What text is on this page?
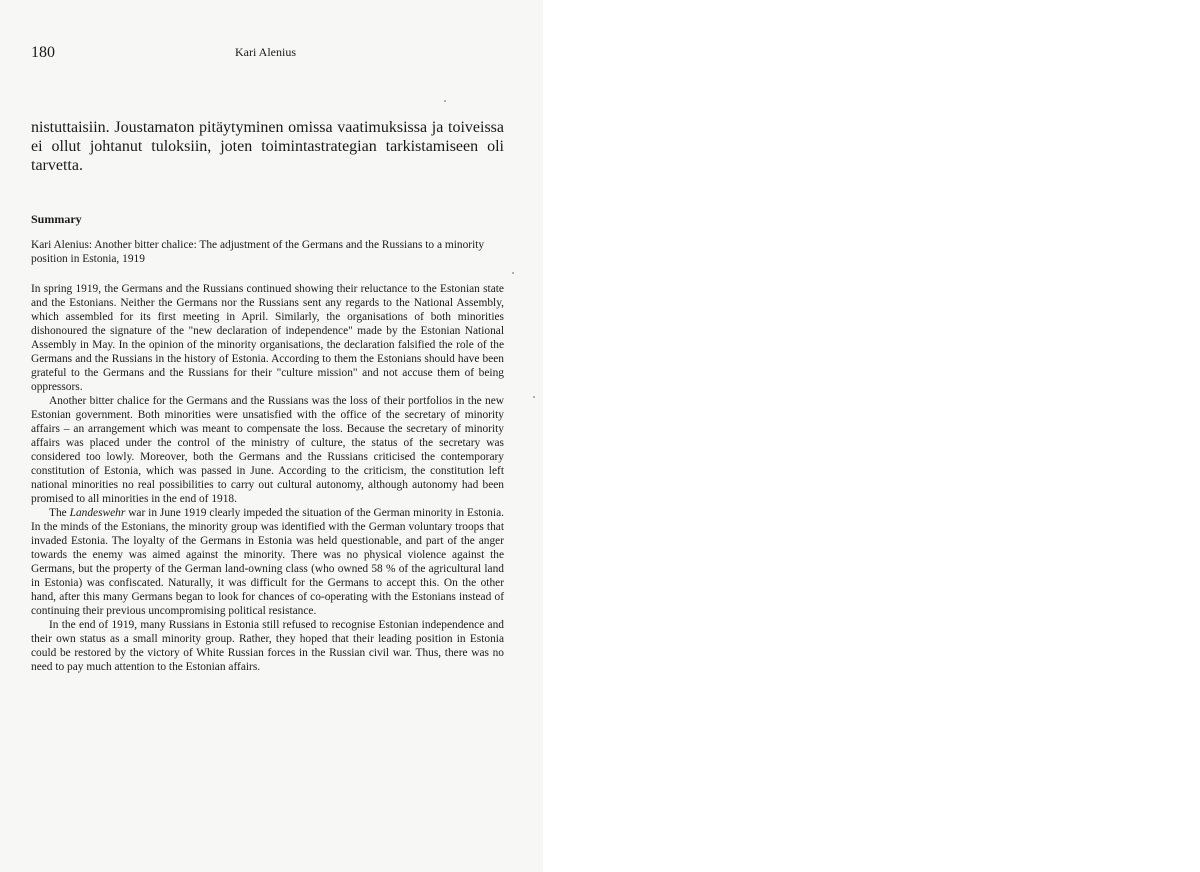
180	Kari Alenius

nistuttaisiin. Joustamaton pitäytyminen omissa vaatimuksissa ja toiveissa ei ollut johtanut tuloksiin, joten toimintastrategian tarkistamiseen oli tarvetta.

Summary

Kari Alenius: Another bitter chalice: The adjustment of the Germans and the Russians to a minority position in Estonia, 1919

In spring 1919, the Germans and the Russians continued showing their reluctance to the Estonian state and the Estonians. Neither the Germans nor the Russians sent any regards to the National Assembly, which assembled for its first meeting in April. Similarly, the organisations of both minorities dishonoured the signature of the "new declaration of independence" made by the Estonian National Assembly in May. In the opinion of the minority organisations, the declaration falsified the role of the Germans and the Russians in the history of Estonia. According to them the Estonians should have been grateful to the Germans and the Russians for their "culture mission" and not accuse them of being oppressors.

Another bitter chalice for the Germans and the Russians was the loss of their portfolios in the new Estonian government. Both minorities were unsatisfied with the office of the secretary of minority affairs – an arrangement which was meant to compensate the loss. Because the secretary of minority affairs was placed under the control of the ministry of culture, the status of the secretary was considered too lowly. Moreover, both the Germans and the Russians criticised the contemporary constitution of Estonia, which was passed in June. According to the criticism, the constitution left national minorities no real possibilities to carry out cultural autonomy, although autonomy had been promised to all minorities in the end of 1918.

The Landeswehr war in June 1919 clearly impeded the situation of the German minority in Estonia. In the minds of the Estonians, the minority group was identified with the German voluntary troops that invaded Estonia. The loyalty of the Germans in Estonia was held questionable, and part of the anger towards the enemy was aimed against the minority. There was no physical violence against the Germans, but the property of the German land-owning class (who owned 58 % of the agricultural land in Estonia) was confiscated. Naturally, it was difficult for the Germans to accept this. On the other hand, after this many Germans began to look for chances of co-operating with the Estonians instead of continuing their previous uncompromising political resistance.

In the end of 1919, many Russians in Estonia still refused to recognise Estonian independence and their own status as a small minority group. Rather, they hoped that their leading position in Estonia could be restored by the victory of White Russian forces in the Russian civil war. Thus, there was no need to pay much attention to the Estonian affairs.
